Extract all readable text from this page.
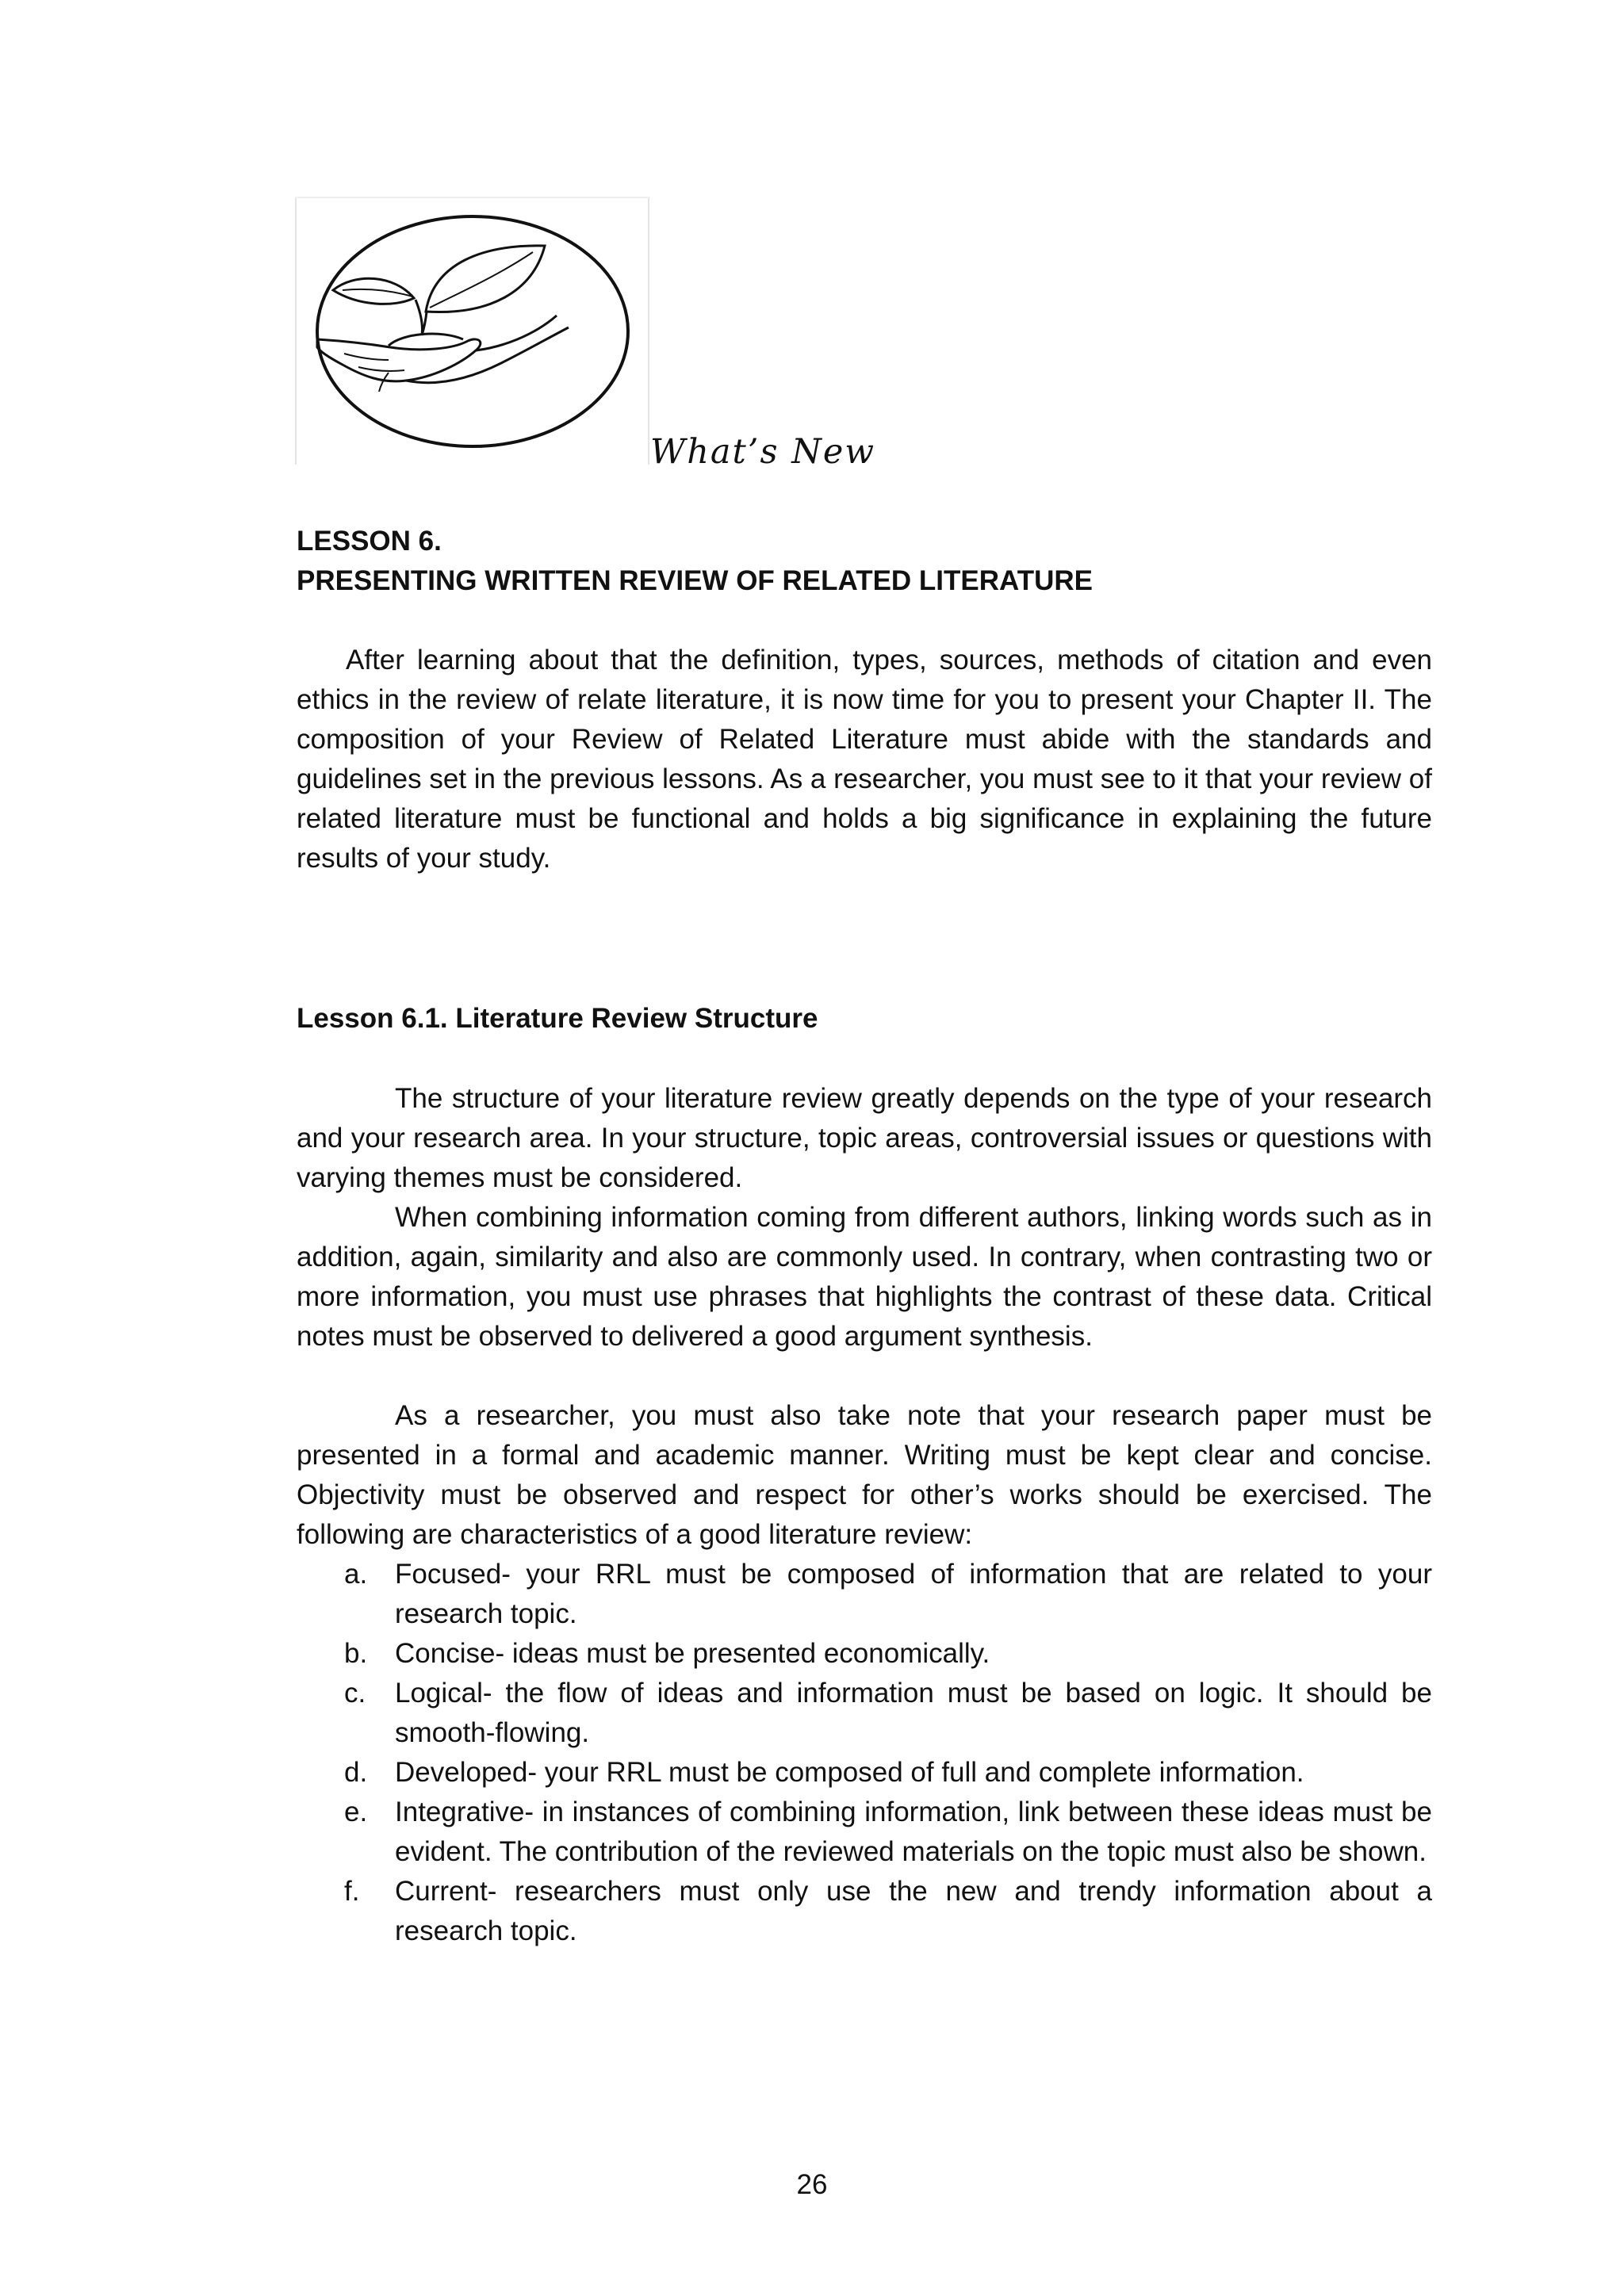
What’s New
LESSON 6.
PRESENTING WRITTEN REVIEW OF RELATED LITERATURE

After learning about that the definition, types, sources, methods of citation and even ethics in the review of relate literature, it is now time for you to present your Chapter II. The composition of your Review of Related Literature must abide with the standards and guidelines set in the previous lessons. As a researcher, you must see to it that your review of related literature must be functional and holds a big significance in explaining the future results of your study.

Lesson 6.1. Literature Review Structure

The structure of your literature review greatly depends on the type of your research and your research area. In your structure, topic areas, controversial issues or questions with varying themes must be considered.

When combining information coming from different authors, linking words such as in addition, again, similarity and also are commonly used. In contrary, when contrasting two or more information, you must use phrases that highlights the contrast of these data. Critical notes must be observed to delivered a good argument synthesis.

As a researcher, you must also take note that your research paper must be presented in a formal and academic manner. Writing must be kept clear and concise. Objectivity must be observed and respect for other’s works should be exercised. The following are characteristics of a good literature review:

a. Focused- your RRL must be composed of information that are related to your research topic.
b. Concise- ideas must be presented economically.
c. Logical- the flow of ideas and information must be based on logic. It should be smooth-flowing.
d. Developed- your RRL must be composed of full and complete information.
e. Integrative- in instances of combining information, link between these ideas must be evident. The contribution of the reviewed materials on the topic must also be shown.
f. Current- researchers must only use the new and trendy information about a research topic.
26
